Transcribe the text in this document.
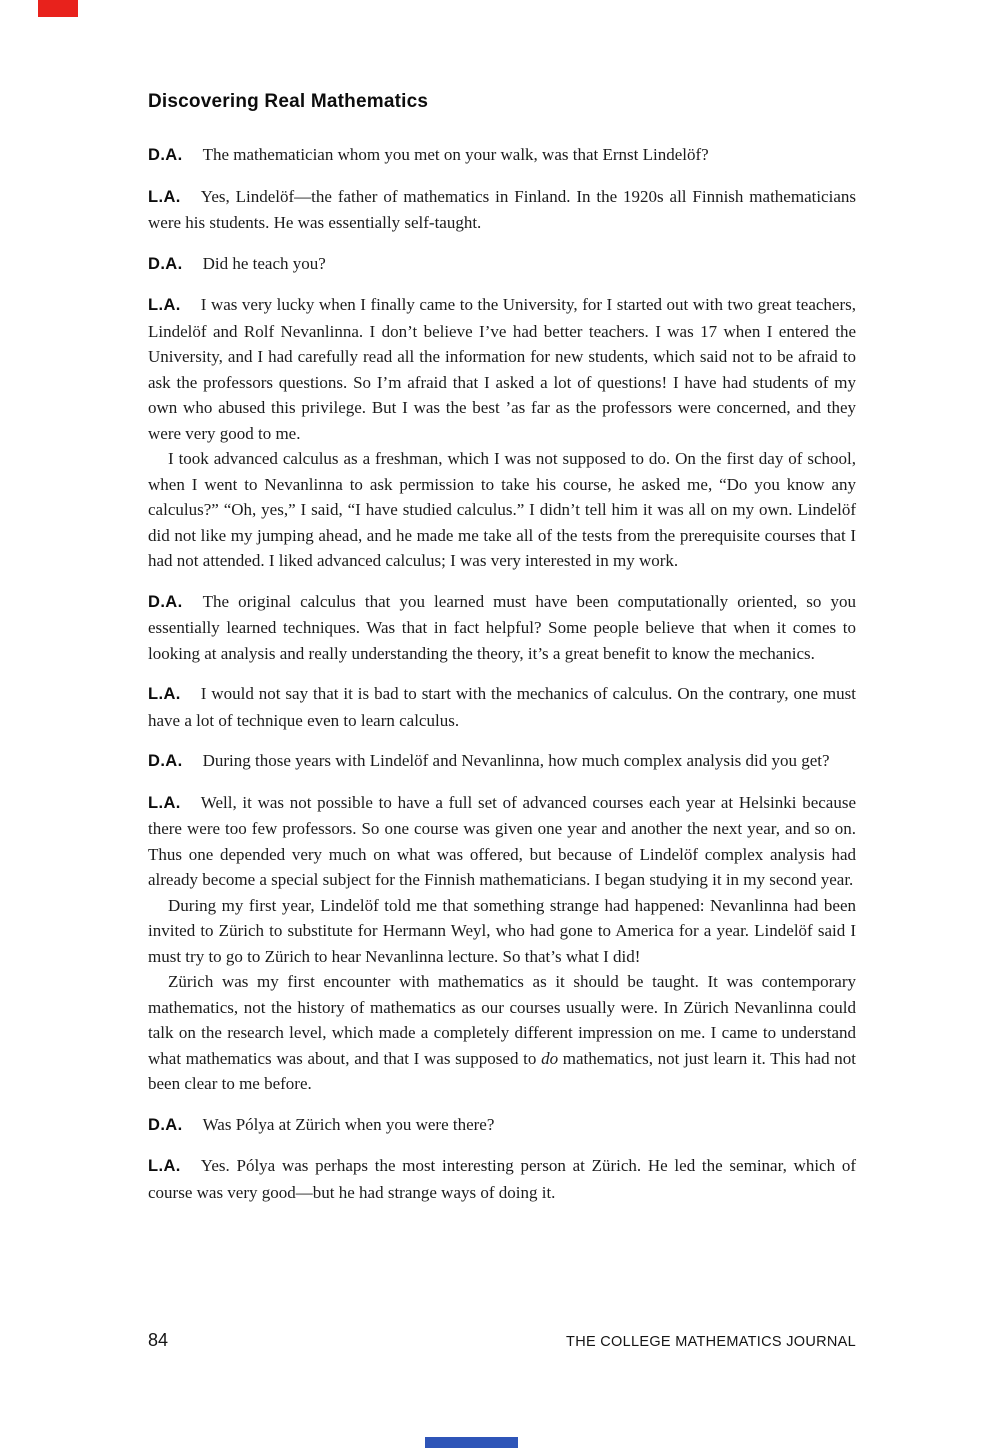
Discovering Real Mathematics

D.A. The mathematician whom you met on your walk, was that Ernst Lindelöf?

L.A. Yes, Lindelöf—the father of mathematics in Finland. In the 1920s all Finnish mathematicians were his students. He was essentially self-taught.

D.A. Did he teach you?

L.A. I was very lucky when I finally came to the University, for I started out with two great teachers, Lindelöf and Rolf Nevanlinna. I don’t believe I’ve had better teachers. I was 17 when I entered the University, and I had carefully read all the information for new students, which said not to be afraid to ask the professors questions. So I’m afraid that I asked a lot of questions! I have had students of my own who abused this privilege. But I was the best ’as far as the professors were concerned, and they were very good to me.

I took advanced calculus as a freshman, which I was not supposed to do. On the first day of school, when I went to Nevanlinna to ask permission to take his course, he asked me, “Do you know any calculus?” “Oh, yes,” I said, “I have studied calculus.” I didn’t tell him it was all on my own. Lindelöf did not like my jumping ahead, and he made me take all of the tests from the prerequisite courses that I had not attended. I liked advanced calculus; I was very interested in my work.

D.A. The original calculus that you learned must have been computationally oriented, so you essentially learned techniques. Was that in fact helpful? Some people believe that when it comes to looking at analysis and really understanding the theory, it’s a great benefit to know the mechanics.

L.A. I would not say that it is bad to start with the mechanics of calculus. On the contrary, one must have a lot of technique even to learn calculus.

D.A. During those years with Lindelöf and Nevanlinna, how much complex analysis did you get?

L.A. Well, it was not possible to have a full set of advanced courses each year at Helsinki because there were too few professors. So one course was given one year and another the next year, and so on. Thus one depended very much on what was offered, but because of Lindelöf complex analysis had already become a special subject for the Finnish mathematicians. I began studying it in my second year.

During my first year, Lindelöf told me that something strange had happened: Nevanlinna had been invited to Zürich to substitute for Hermann Weyl, who had gone to America for a year. Lindelöf said I must try to go to Zürich to hear Nevanlinna lecture. So that’s what I did!

Zürich was my first encounter with mathematics as it should be taught. It was contemporary mathematics, not the history of mathematics as our courses usually were. In Zürich Nevanlinna could talk on the research level, which made a completely different impression on me. I came to understand what mathematics was about, and that I was supposed to do mathematics, not just learn it. This had not been clear to me before.

D.A. Was Pólya at Zürich when you were there?

L.A. Yes. Pólya was perhaps the most interesting person at Zürich. He led the seminar, which of course was very good—but he had strange ways of doing it.

84	THE COLLEGE MATHEMATICS JOURNAL
